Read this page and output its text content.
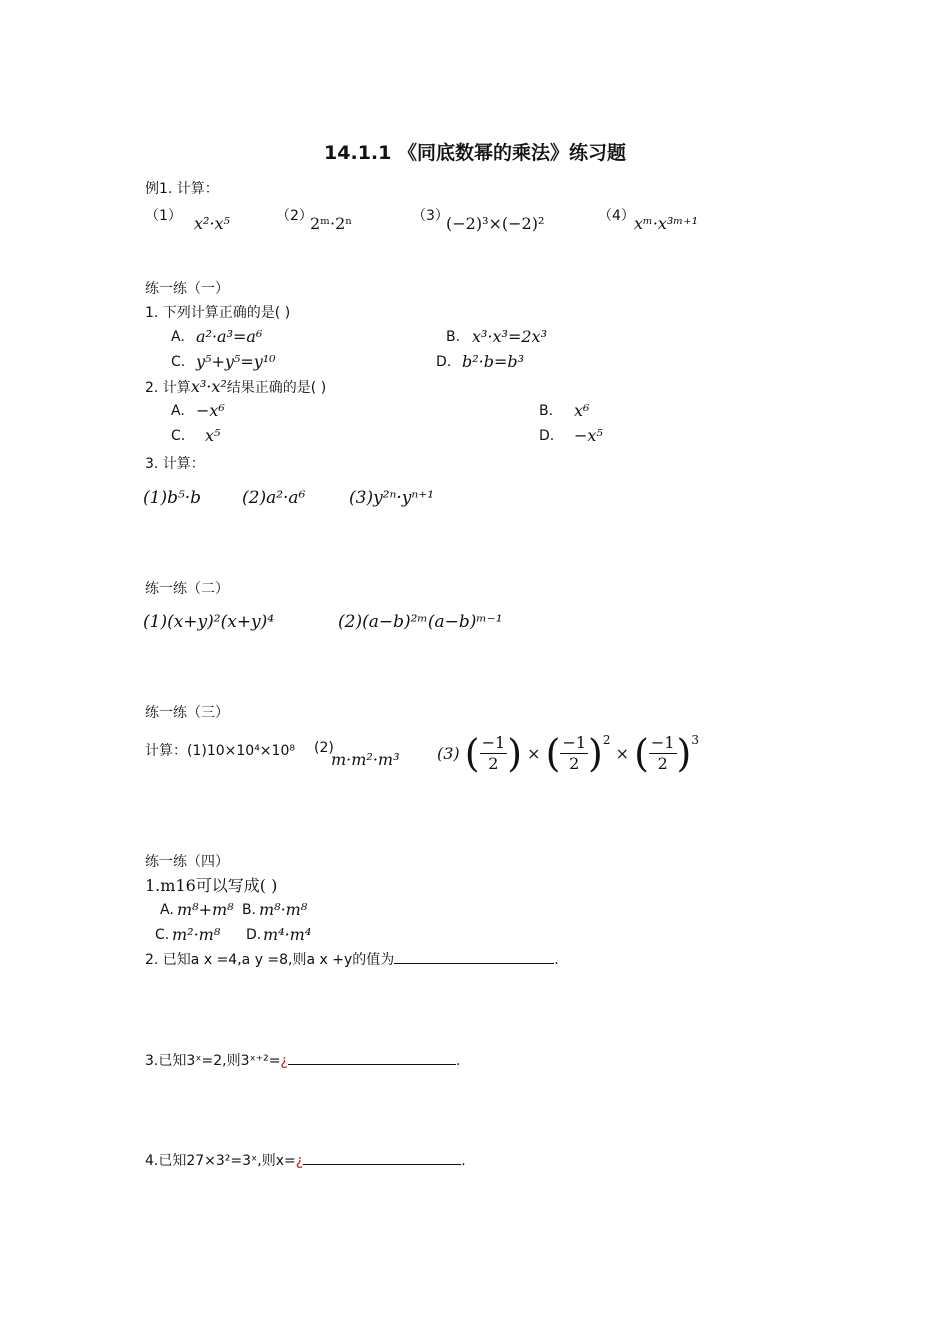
14.1.1 《同底数幂的乘法》练习题
例1. 计算：
（1） x²·x⁵	（2）
2ᵐ·2ⁿ	（3）
(−2)³×(−2)²	（4） xᵐ·x³ᵐ⁺¹
练一练（一）
1. 下列计算正确的是( )
A. a²·a³=a⁶	B. x³·x³=2x³
C. y⁵+y⁵=y¹⁰	D. b²·b=b³
2. 计算x³·x²结果正确的是( )
A. −x⁶	B. x⁶
C. x⁵	D. −x⁵
3. 计算：
(1)b⁵·b (2)a²·a⁶	(3)y²ⁿ·yⁿ⁺¹
练一练（二）
(1)(x+y)²(x+y)⁴	(2)(a−b)²ᵐ(a−b)ᵐ⁻¹
练一练（三）
计算：(1)10×10⁴×10⁸ (2)
m·m²·m³ (3) ( $\frac{-1}{2}$ ) × ( $\frac{-1}{2} )^2$ × ( $\frac{-1}{2} )^3$
练一练（四）
1.m16可以写成( )
A. m⁸+m⁸ B. m⁸·m⁸
C. m²·m⁸ D. m⁴·m⁴
2. 已知a x =4,a y =8,则a x +y的值为	.
3.已知3ˣ=2,则3ˣ⁺²=¿	.
4.已知27×3²=3ˣ,则x=¿	.
